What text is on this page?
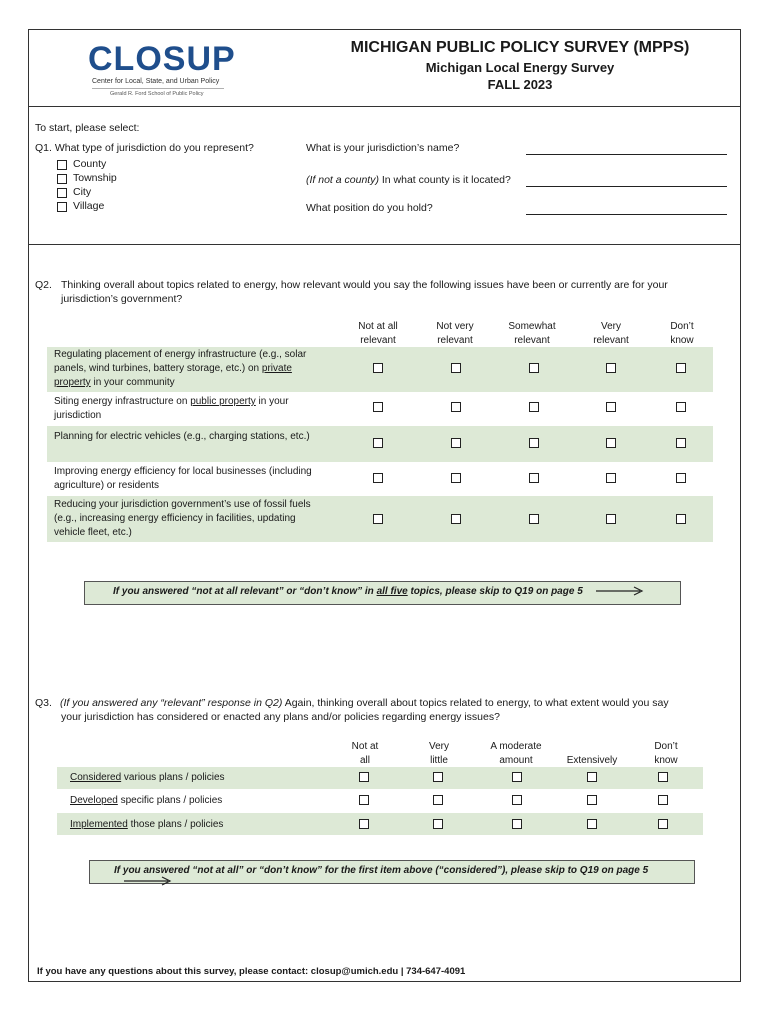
CLOSUP
Center for Local, State, and Urban Policy
Gerald R. Ford School of Public Policy
MICHIGAN PUBLIC POLICY SURVEY (MPPS)
Michigan Local Energy Survey
FALL 2023
To start, please select:
Q1. What type of jurisdiction do you represent?
County
Township
City
Village
What is your jurisdiction’s name?
(If not a county) In what county is it located?
What position do you hold?
Q2. Thinking overall about topics related to energy, how relevant would you say the following issues have been or currently are for your
jurisdiction’s government?
Not at all
relevant
Not very
relevant
Somewhat
relevant
Very
relevant
Don’t
know
Regulating placement of energy infrastructure (e.g., solar panels, wind turbines, battery storage, etc.) on private property in your community
Siting energy infrastructure on public property in your jurisdiction
Planning for electric vehicles (e.g., charging stations, etc.)
Improving energy efficiency for local businesses (including agriculture) or residents
Reducing your jurisdiction government’s use of fossil fuels (e.g., increasing energy efficiency in facilities, updating vehicle fleet, etc.)
If you answered “not at all relevant” or “don’t know” in all five topics, please skip to Q19 on page 5
Q3. (If you answered any “relevant” response in Q2) Again, thinking overall about topics related to energy, to what extent would you say
your jurisdiction has considered or enacted any plans and/or policies regarding energy issues?
Not at
all
Very
little
A moderate
amount	Extensively
Don’t
know
Considered various plans / policies
Developed specific plans / policies
Implemented those plans / policies
If you answered “not at all” or “don’t know” for the first item above (“considered”), please skip to Q19 on page 5
If you have any questions about this survey, please contact: closup@umich.edu | 734-647-4091
